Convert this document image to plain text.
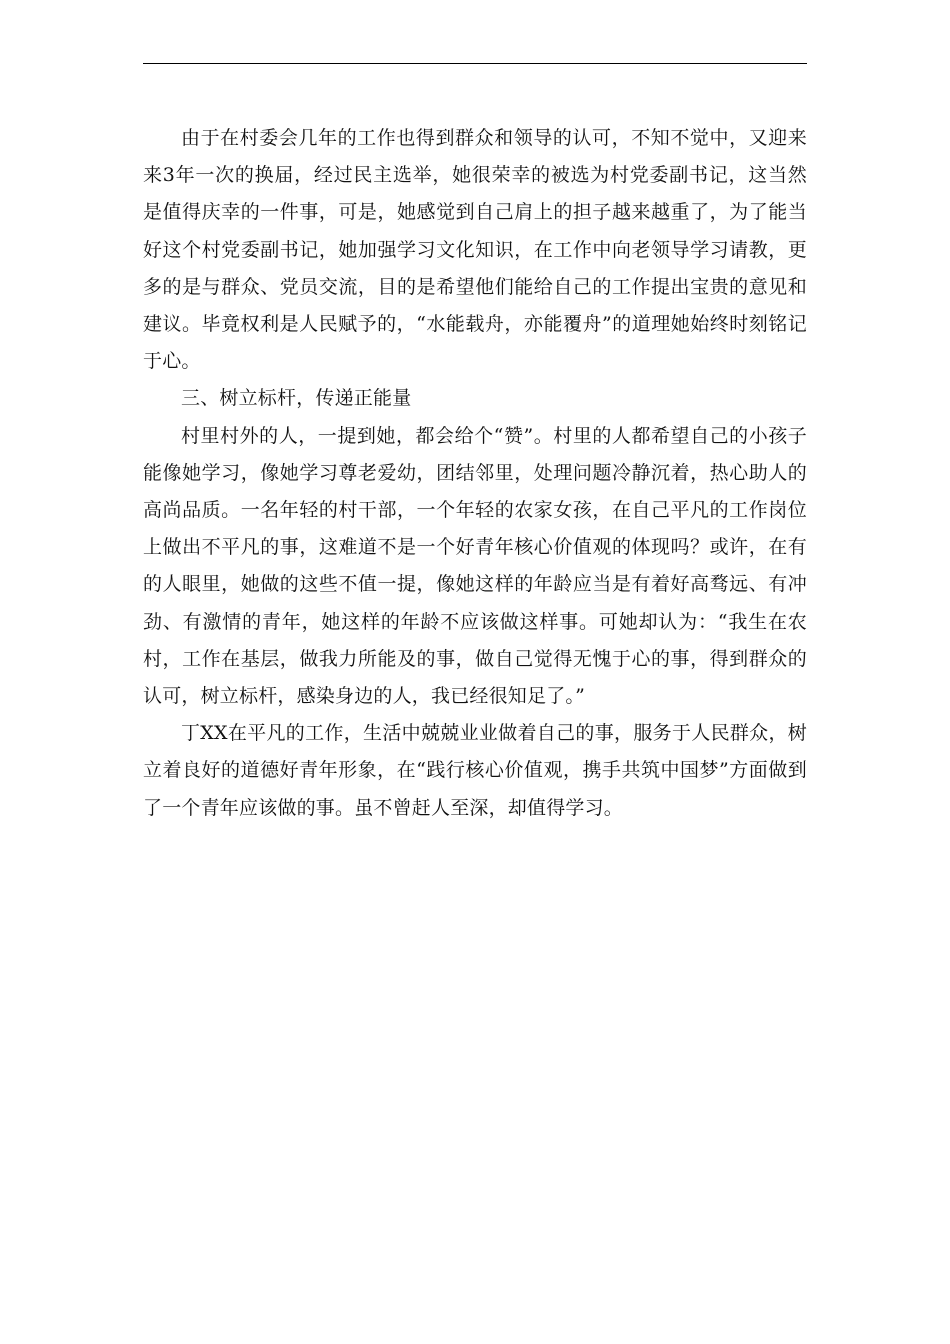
由于在村委会几年的工作也得到群众和领导的认可，不知不觉中，又迎来来3年一次的换届，经过民主选举，她很荣幸的被选为村党委副书记，这当然是值得庆幸的一件事，可是，她感觉到自己肩上的担子越来越重了，为了能当好这个村党委副书记，她加强学习文化知识，在工作中向老领导学习请教，更多的是与群众、党员交流，目的是希望他们能给自己的工作提出宝贵的意见和建议。毕竟权利是人民赋予的，“水能载舟，亦能覆舟”的道理她始终时刻铭记于心。

三、树立标杆，传递正能量

村里村外的人，一提到她，都会给个“赞”。村里的人都希望自己的小孩子能像她学习，像她学习尊老爱幼，团结邻里，处理问题冷静沉着，热心助人的高尚品质。一名年轻的村干部，一个年轻的农家女孩，在自己平凡的工作岗位上做出不平凡的事，这难道不是一个好青年核心价值观的体现吗？或许，在有的人眼里，她做的这些不值一提，像她这样的年龄应当是有着好高骛远、有冲劲、有激情的青年，她这样的年龄不应该做这样事。可她却认为：“我生在农村，工作在基层，做我力所能及的事，做自己觉得无愧于心的事，得到群众的认可，树立标杆，感染身边的人，我已经很知足了。”

丁XX在平凡的工作，生活中兢兢业业做着自己的事，服务于人民群众，树立着良好的道德好青年形象，在“践行核心价值观，携手共筑中国梦”方面做到了一个青年应该做的事。虽不曾赶人至深，却值得学习。
